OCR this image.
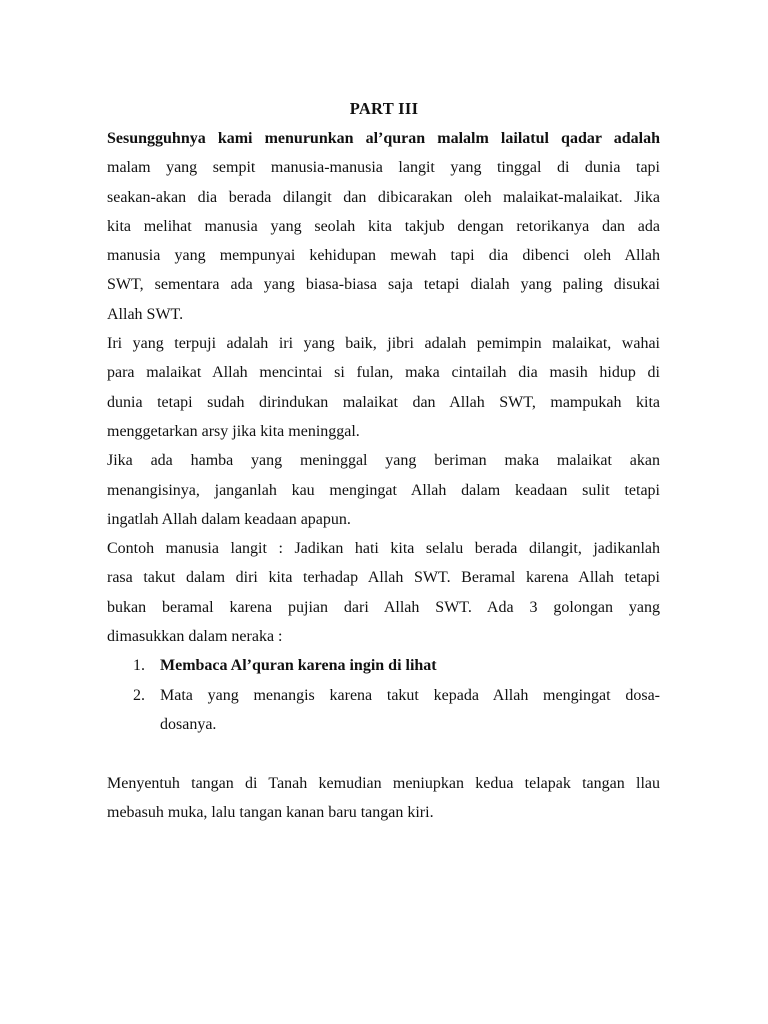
PART III
Sesungguhnya kami menurunkan al’quran malalm lailatul qadar adalah
malam yang sempit manusia-manusia langit yang tinggal di dunia tapi
seakan-akan dia berada dilangit dan dibicarakan oleh malaikat-malaikat. Jika
kita melihat manusia yang seolah kita takjub dengan retorikanya dan ada
manusia yang mempunyai kehidupan mewah tapi dia dibenci oleh Allah
SWT, sementara ada yang biasa-biasa saja tetapi dialah yang paling disukai
Allah SWT.
Iri yang terpuji adalah iri yang baik, jibri adalah pemimpin malaikat, wahai
para malaikat Allah mencintai si fulan, maka cintailah dia masih hidup di
dunia tetapi sudah dirindukan malaikat dan Allah SWT, mampukah kita
menggetarkan arsy jika kita meninggal.
Jika ada hamba yang meninggal yang beriman maka malaikat akan
menangisinya, janganlah kau mengingat Allah dalam keadaan sulit tetapi
ingatlah Allah dalam keadaan apapun.
Contoh manusia langit : Jadikan hati kita selalu berada dilangit, jadikanlah
rasa takut dalam diri kita terhadap Allah SWT. Beramal karena Allah tetapi
bukan beramal karena pujian dari Allah SWT. Ada 3 golongan yang
dimasukkan dalam neraka :
1. Membaca Al’quran karena ingin di lihat
2. Mata yang menangis karena takut kepada Allah mengingat dosa-
dosanya.
Menyentuh tangan di Tanah kemudian meniupkan kedua telapak tangan llau
mebasuh muka, lalu tangan kanan baru tangan kiri.
